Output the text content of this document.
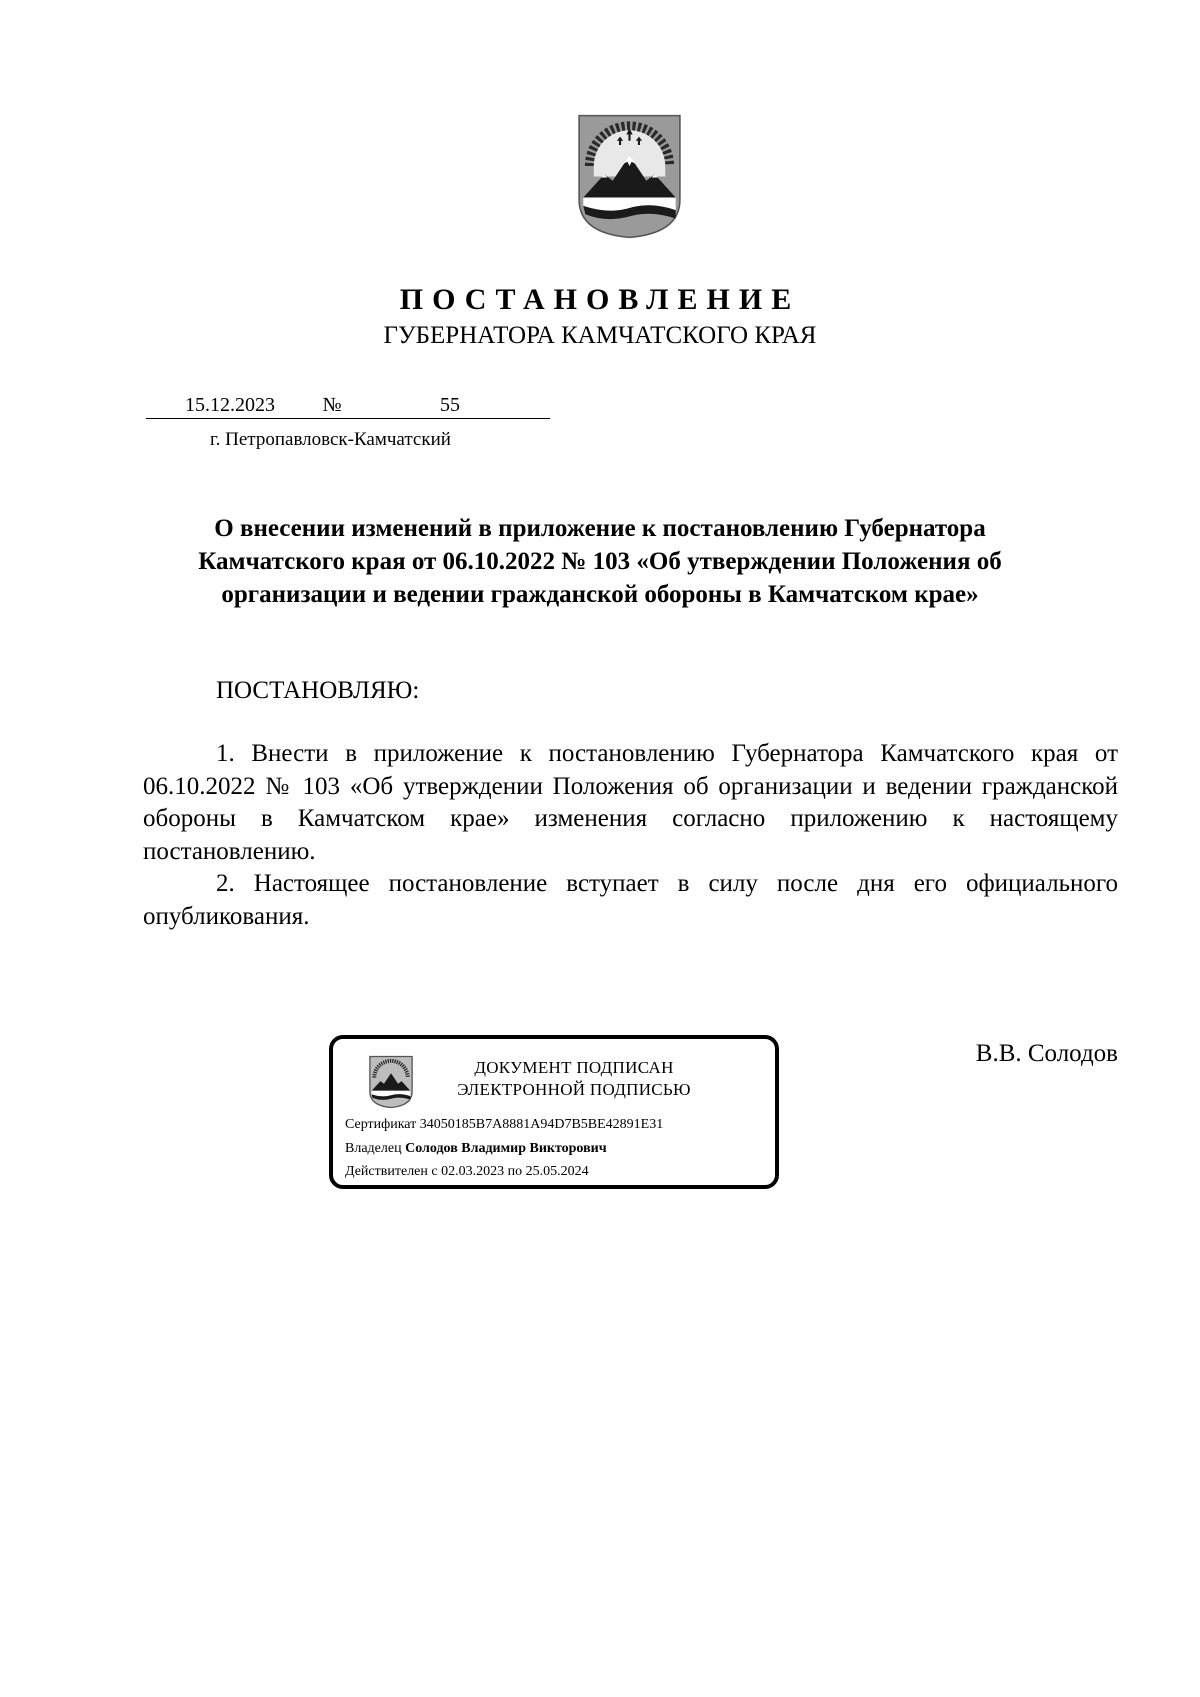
ПОСТАНОВЛЕНИЕ
ГУБЕРНАТОРА КАМЧАТСКОГО КРАЯ
15.12.2023	№	55
г. Петропавловск-Камчатский
О внесении изменений в приложение к постановлению Губернатора Камчатского края от 06.10.2022 № 103 «Об утверждении Положения об организации и ведении гражданской обороны в Камчатском крае»
ПОСТАНОВЛЯЮ:

1. Внести в приложение к постановлению Губернатора Камчатского края от 06.10.2022 № 103 «Об утверждении Положения об организации и ведении гражданской обороны в Камчатском крае» изменения согласно приложению к настоящему постановлению.

2. Настоящее постановление вступает в силу после дня его официального опубликования.

ДОКУМЕНТ ПОДПИСАН
ЭЛЕКТРОННОЙ ПОДПИСЬЮ
Сертификат 34050185B7A8881A94D7B5BE42891E31
Владелец Солодов Владимир Викторович
Действителен с 02.03.2023 по 25.05.2024
В.В. Солодов
